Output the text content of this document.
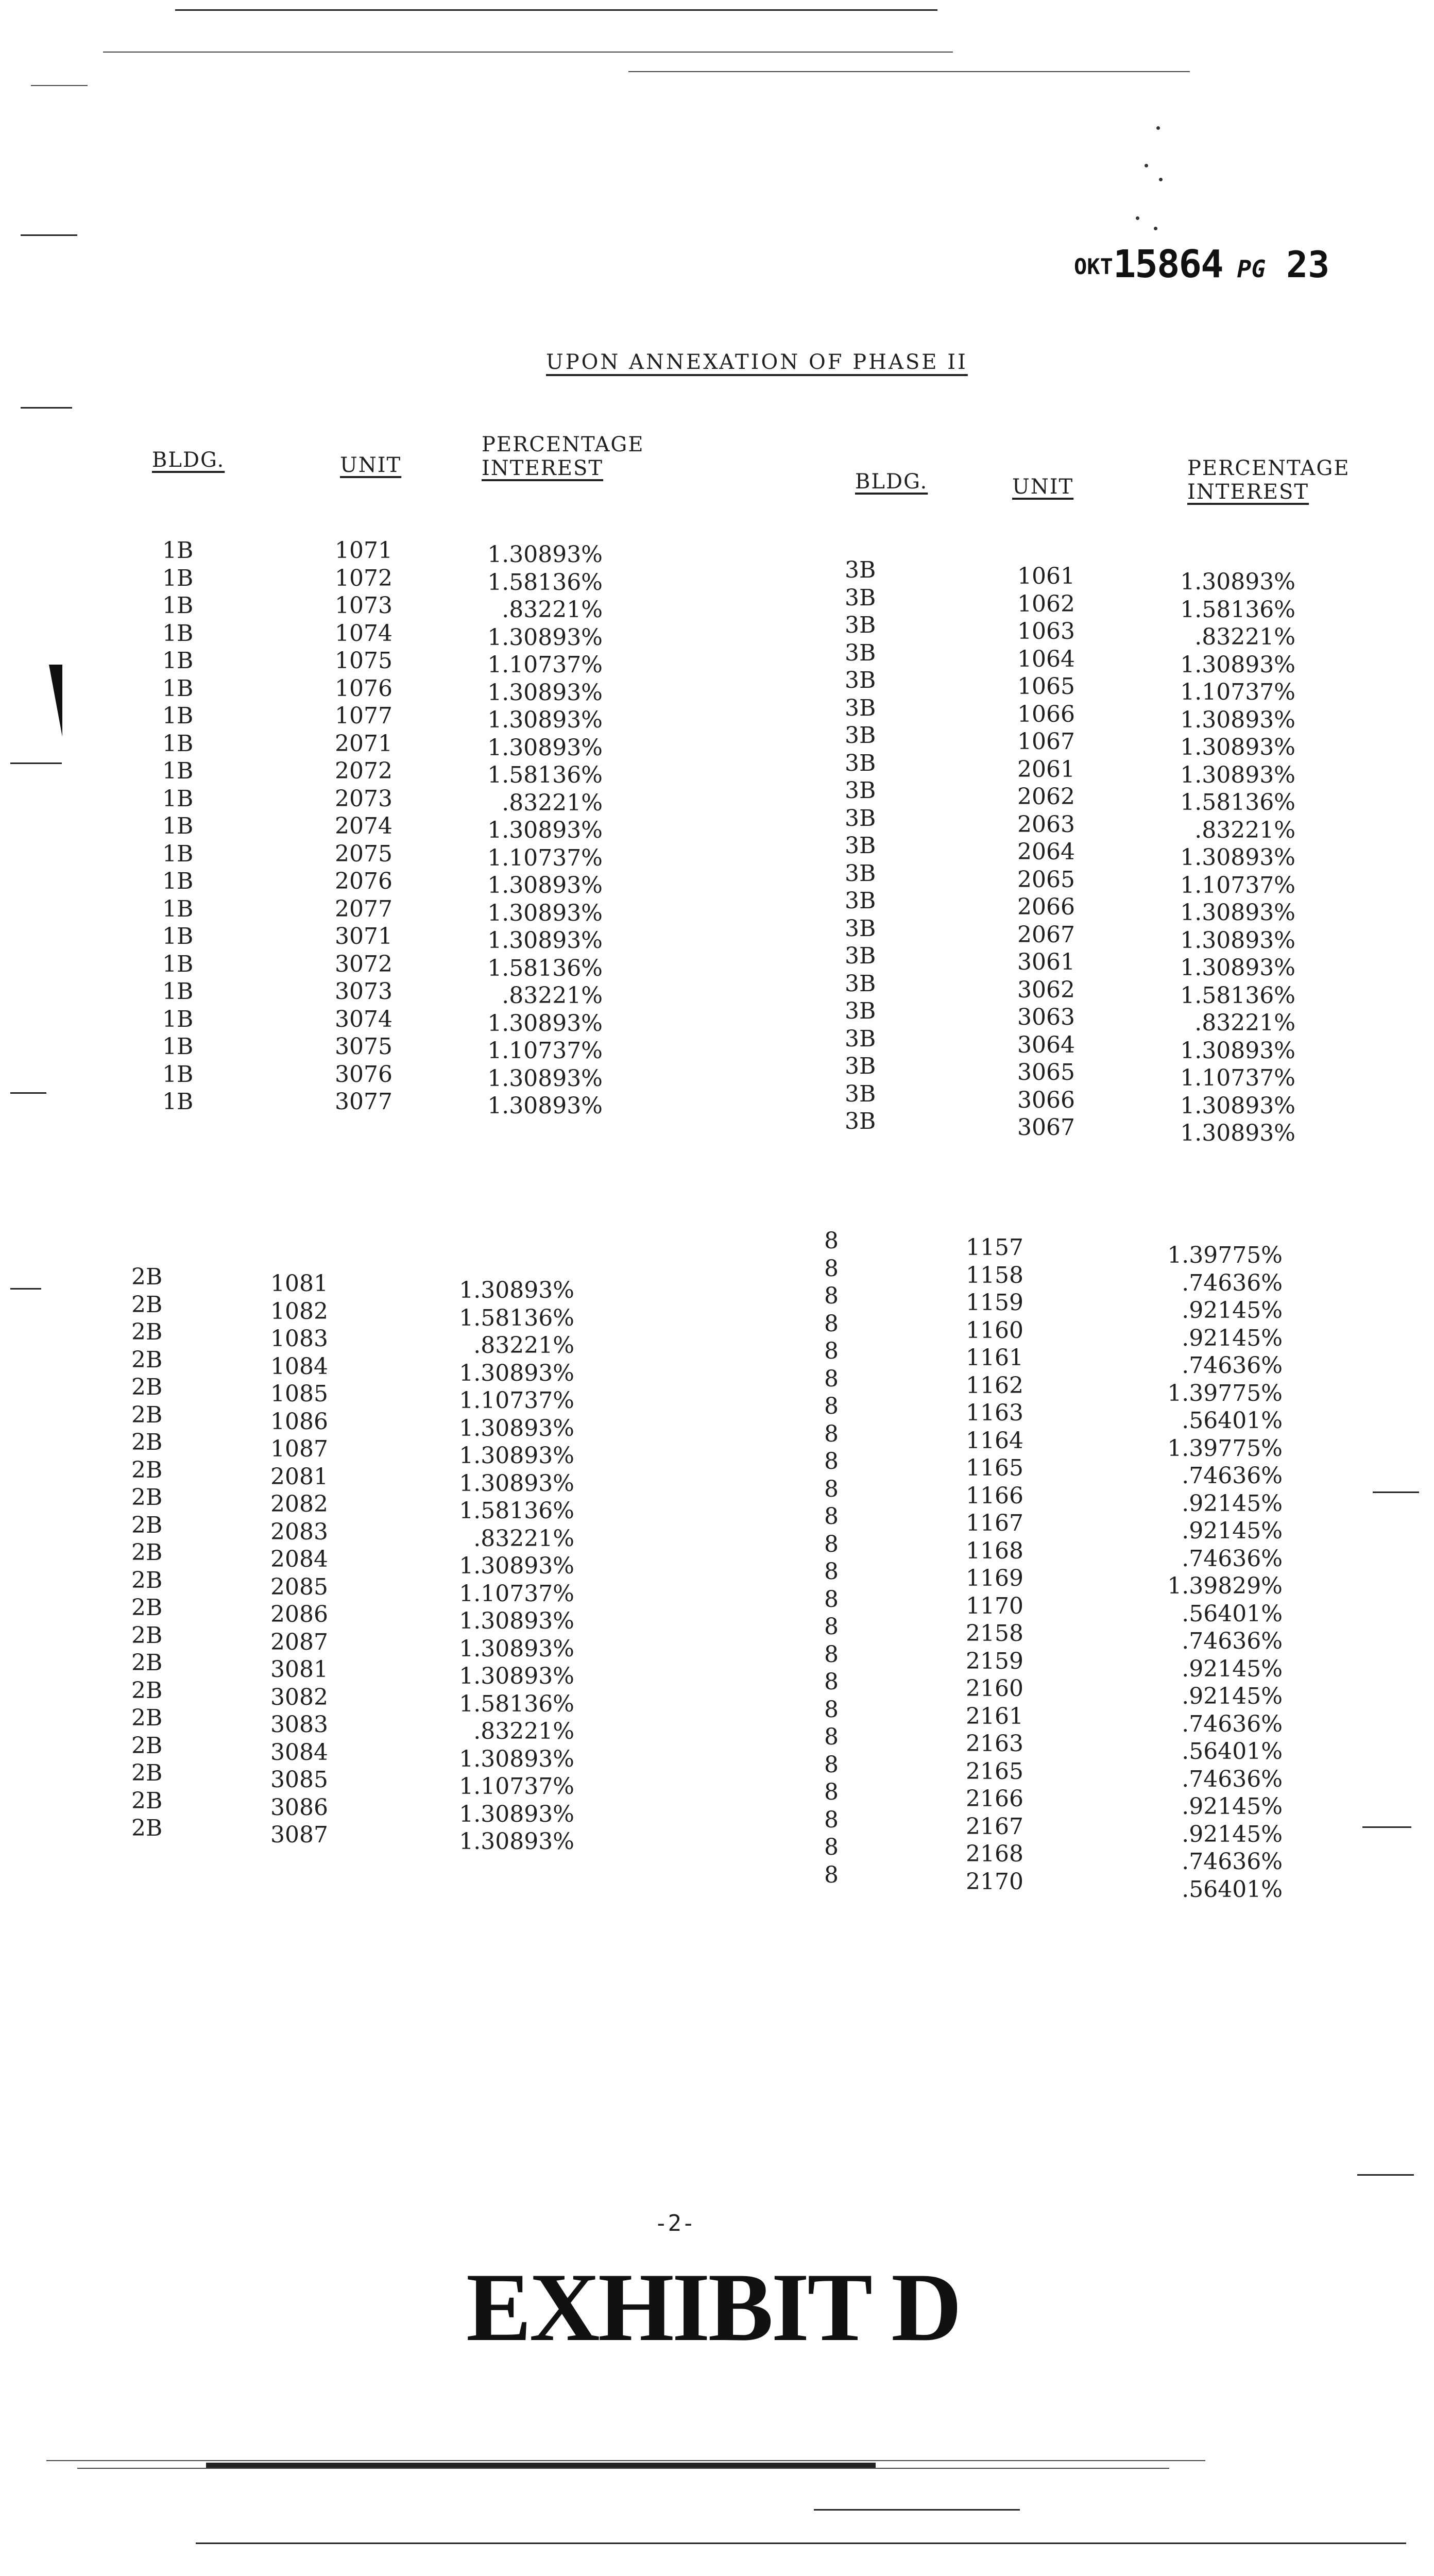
OKT15864 PG 23
UPON ANNEXATION OF PHASE II
BLDG.	UNIT
PERCENTAGE
INTEREST
1B
1B
1B
1B
1B
1B
1B
1B
1B
1B
1B
1B
1B
1B
1B
1B
1B
1B
1B
1B
1B
1071
1072
1073
1074
1075
1076
1077
2071
2072
2073
2074
2075
2076
2077
3071
3072
3073
3074
3075
3076
3077
1.30893%
1.58136%
.83221%
1.30893%
1.10737%
1.30893%
1.30893%
1.30893%
1.58136%
.83221%
1.30893%
1.10737%
1.30893%
1.30893%
1.30893%
1.58136%
.83221%
1.30893%
1.10737%
1.30893%
1.30893%
BLDG.	UNIT
PERCENTAGE
INTEREST
3B
3B
3B
3B
3B
3B
3B
3B
3B
3B
3B
3B
3B
3B
3B
3B
3B
3B
3B
3B
3B
1061
1062
1063
1064
1065
1066
1067
2061
2062
2063
2064
2065
2066
2067
3061
3062
3063
3064
3065
3066
3067
1.30893%
1.58136%
.83221%
1.30893%
1.10737%
1.30893%
1.30893%
1.30893%
1.58136%
.83221%
1.30893%
1.10737%
1.30893%
1.30893%
1.30893%
1.58136%
.83221%
1.30893%
1.10737%
1.30893%
1.30893%
2B
2B
2B
2B
2B
2B
2B
2B
2B
2B
2B
2B
2B
2B
2B
2B
2B
2B
2B
2B
2B
1081
1082
1083
1084
1085
1086
1087
2081
2082
2083
2084
2085
2086
2087
3081
3082
3083
3084
3085
3086
3087
1.30893%
1.58136%
.83221%
1.30893%
1.10737%
1.30893%
1.30893%
1.30893%
1.58136%
.83221%
1.30893%
1.10737%
1.30893%
1.30893%
1.30893%
1.58136%
.83221%
1.30893%
1.10737%
1.30893%
1.30893%
8
8
8
8
8
8
8
8
8
8
8
8
8
8
8
8
8
8
8
8
8
8
8
8
1157
1158
1159
1160
1161
1162
1163
1164
1165
1166
1167
1168
1169
1170
2158
2159
2160
2161
2163
2165
2166
2167
2168
2170
1.39775%
.74636%
.92145%
.92145%
.74636%
1.39775%
.56401%
1.39775%
.74636%
.92145%
.92145%
.74636%
1.39829%
.56401%
.74636%
.92145%
.92145%
.74636%
.56401%
.74636%
.92145%
.92145%
.74636%
.56401%
-2-
EXHIBIT D
